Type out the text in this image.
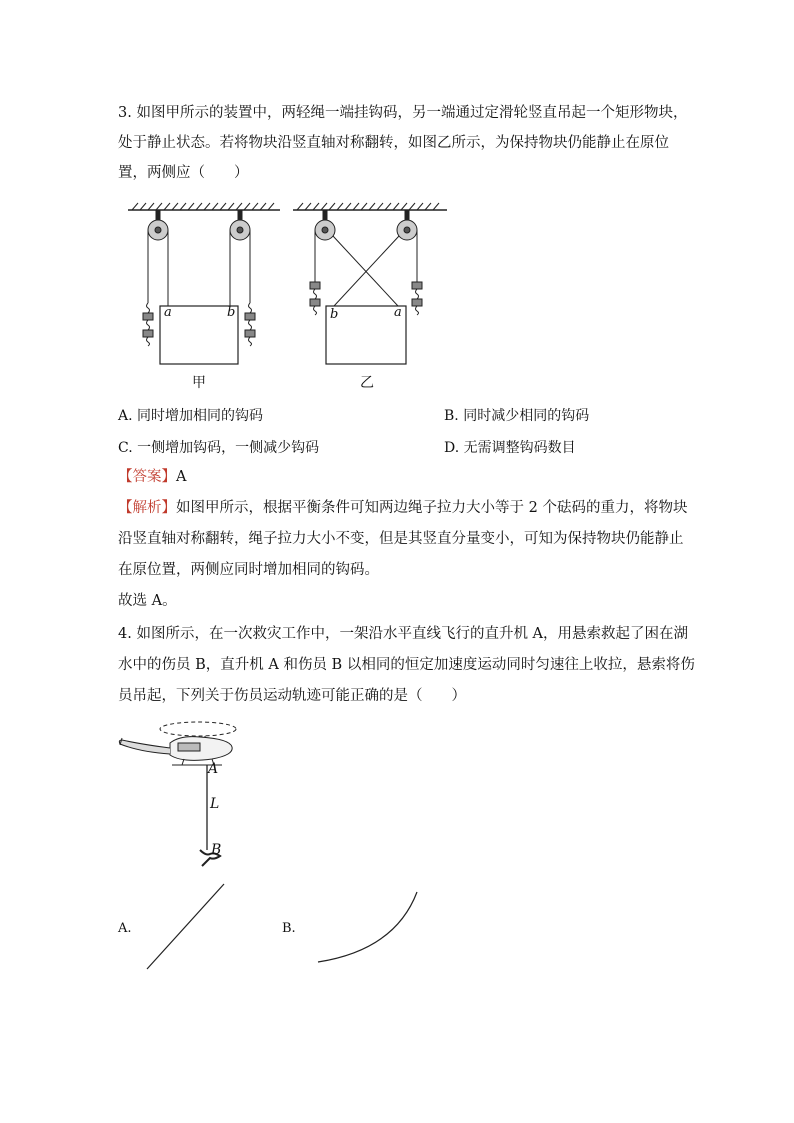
3. 如图甲所示的装置中，两轻绳一端挂钩码，另一端通过定滑轮竖直吊起一个矩形物块，
处于静止状态。若将物块沿竖直轴对称翻转，如图乙所示，为保持物块仍能静止在原位
置，两侧应（　　）
a	b
甲
b	a
乙
A. 同时增加相同的钩码	B. 同时减少相同的钩码
C. 一侧增加钩码，一侧减少钩码	D. 无需调整钩码数目
【答案】A
【解析】如图甲所示，根据平衡条件可知两边绳子拉力大小等于 2 个砝码的重力，将物块
沿竖直轴对称翻转，绳子拉力大小不变，但是其竖直分量变小，可知为保持物块仍能静止
在原位置，两侧应同时增加相同的钩码。
故选 A。
4. 如图所示，在一次救灾工作中，一架沿水平直线飞行的直升机 A，用悬索救起了困在湖
水中的伤员 B，直升机 A 和伤员 B 以相同的恒定加速度运动同时匀速往上收拉，悬索将伤
员吊起，下列关于伤员运动轨迹可能正确的是（　　）
A
L
B
A.	B.
